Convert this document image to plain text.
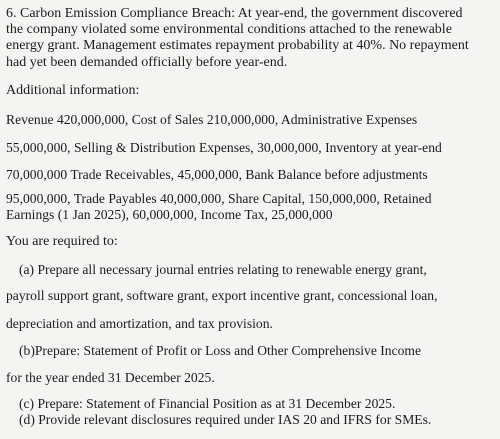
6. Carbon Emission Compliance Breach: At year-end, the government discovered
the company violated some environmental conditions attached to the renewable
energy grant. Management estimates repayment probability at 40%. No repayment
had yet been demanded officially before year-end.
Additional information:
Revenue 420,000,000, Cost of Sales 210,000,000, Administrative Expenses
55,000,000, Selling & Distribution Expenses, 30,000,000, Inventory at year-end
70,000,000 Trade Receivables, 45,000,000, Bank Balance before adjustments
95,000,000, Trade Payables 40,000,000, Share Capital, 150,000,000, Retained
Earnings (1 Jan 2025), 60,000,000, Income Tax, 25,000,000
You are required to:
(a) Prepare all necessary journal entries relating to renewable energy grant,
payroll support grant, software grant, export incentive grant, concessional loan,
depreciation and amortization, and tax provision.
(b)Prepare: Statement of Profit or Loss and Other Comprehensive Income
for the year ended 31 December 2025.
(c) Prepare: Statement of Financial Position as at 31 December 2025.
(d) Provide relevant disclosures required under IAS 20 and IFRS for SMEs.
